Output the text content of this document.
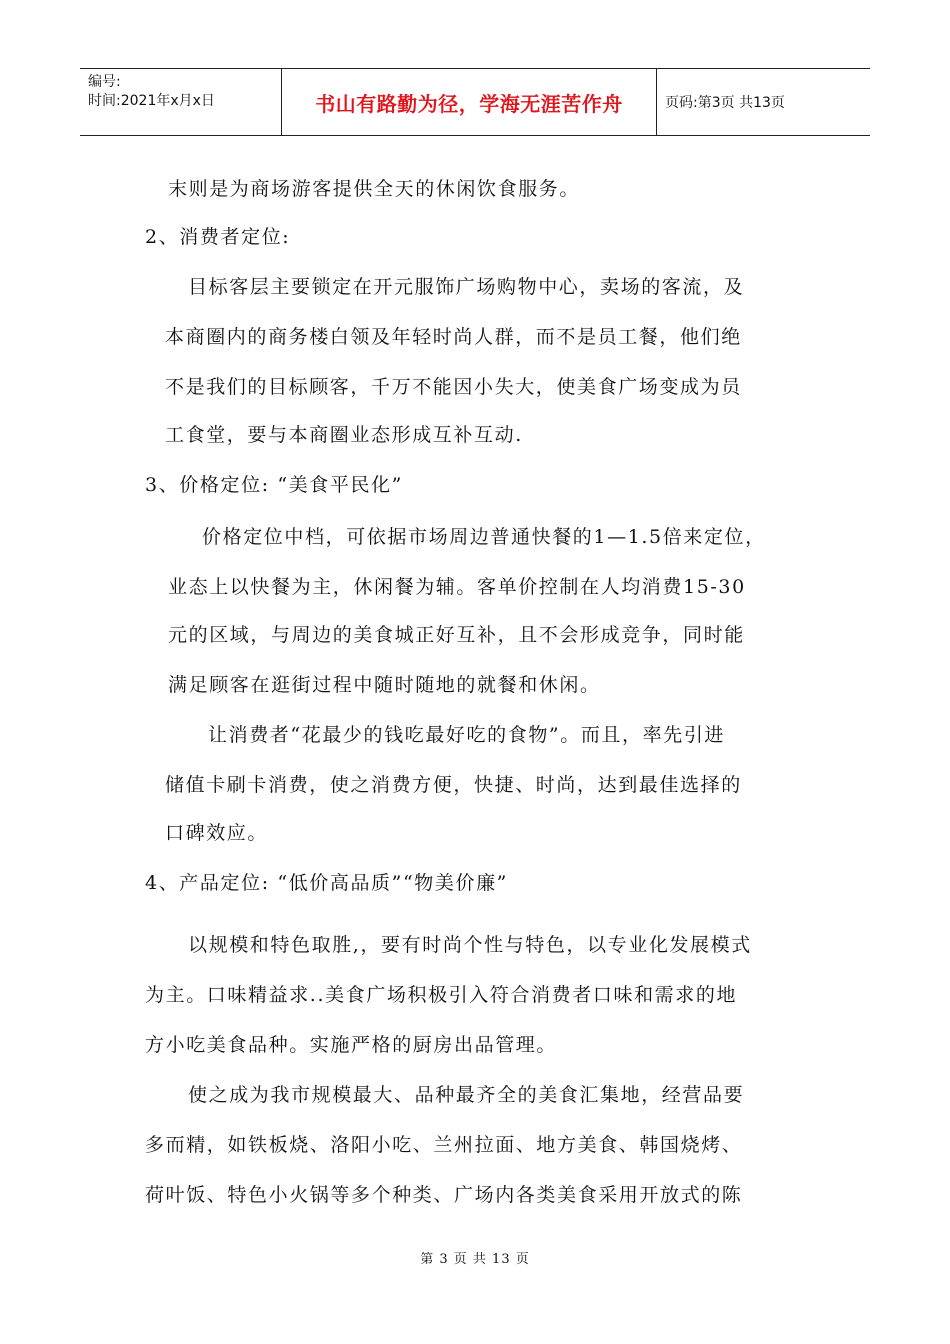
编号:
时间:2021年x月x日	书山有路勤为径，学海无涯苦作舟	页码:第3页 共13页
末则是为商场游客提供全天的休闲饮食服务。
2、消费者定位:
目标客层主要锁定在开元服饰广场购物中心，卖场的客流，及
本商圈内的商务楼白领及年轻时尚人群，而不是员工餐，他们绝
不是我们的目标顾客，千万不能因小失大，使美食广场变成为员
工食堂，要与本商圈业态形成互补互动.
3、价格定位: “美食平民化”
价格定位中档，可依据市场周边普通快餐的1—1.5倍来定位，
业态上以快餐为主，休闲餐为辅。客单价控制在人均消费15-30
元的区域，与周边的美食城正好互补，且不会形成竞争，同时能
满足顾客在逛街过程中随时随地的就餐和休闲。
让消费者“花最少的钱吃最好吃的食物”。而且，率先引进
储值卡刷卡消费，使之消费方便，快捷、时尚，达到最佳选择的
口碑效应。
4、产品定位: “低价高品质”“物美价廉”
以规模和特色取胜,，要有时尚个性与特色，以专业化发展模式
为主。口味精益求..美食广场积极引入符合消费者口味和需求的地
方小吃美食品种。实施严格的厨房出品管理。
使之成为我市规模最大、品种最齐全的美食汇集地，经营品要
多而精，如铁板烧、洛阳小吃、兰州拉面、地方美食、韩国烧烤、
荷叶饭、特色小火锅等多个种类、广场内各类美食采用开放式的陈
第 3 页 共 13 页
